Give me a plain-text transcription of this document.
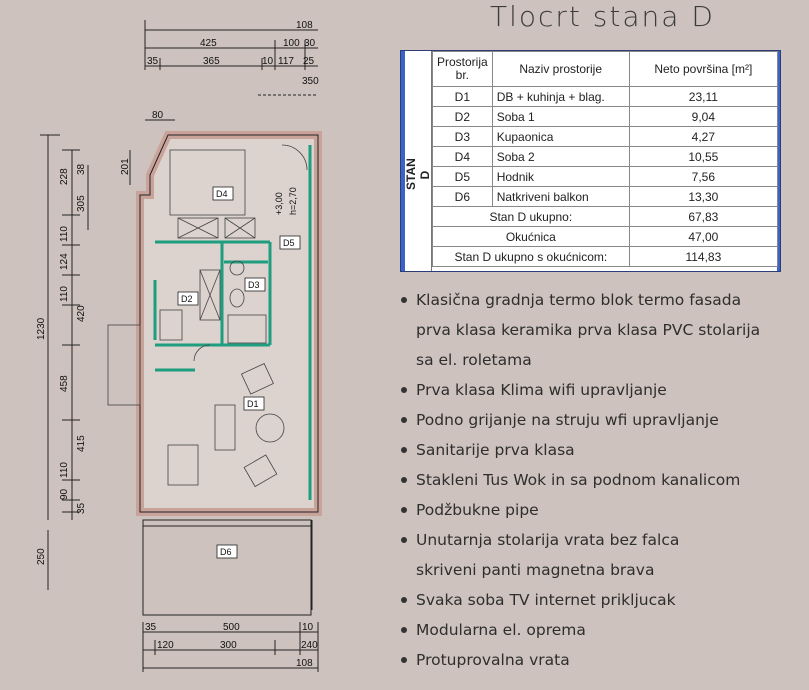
108
425	100 30
35	365	10 117 25
350
80
1230
228 38
305
110
124
110
420
458
415
110
90
35
250
201
D4
D2
D3
D5
D1
D6
+3,00 h=2,70
35	500	10
120	300	240
108
Tlocrt stana D
STAN D
Prostorija br.	Naziv prostorije	Neto površina [m²]
D1	DB + kuhinja + blag.	23,11
D2	Soba 1	9,04
D3	Kupaonica	4,27
D4	Soba 2	10,55
D5	Hodnik	7,56
D6	Natkriveni balkon	13,30
Stan D ukupno:		67,83
Okućnica		47,00
Stan D ukupno s okućnicom:		114,83
Klasična gradnja termo blok termo fasada
prva klasa keramika prva klasa PVC stolarija
sa el. roletama
Prva klasa Klima wifi upravljanje
Podno grijanje na struju wfi upravljanje
Sanitarije prva klasa
Stakleni Tus Wok in sa podnom kanalicom
Podžbukne pipe
Unutarnja stolarija vrata bez falca
skriveni panti magnetna brava
Svaka soba TV internet prikljucak
Modularna el. oprema
Protuprovalna vrata
